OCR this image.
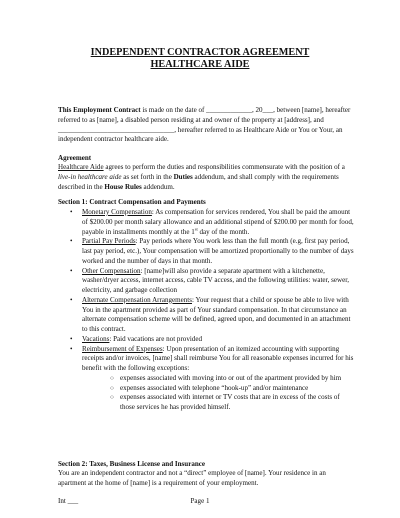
INDEPENDENT CONTRACTOR AGREEMENT
HEALTHCARE AIDE
This Employment Contract is made on the date of _____________, 20___, between [name], hereafter referred to as [name], a disabled person residing at and owner of the property at [address], and _________________________________, hereafter referred to as Healthcare Aide or You or Your, an independent contractor healthcare aide.
Agreement
Healthcare Aide agrees to perform the duties and responsibilities commensurate with the position of a live-in healthcare aide as set forth in the Duties addendum, and shall comply with the requirements described in the House Rules addendum.
Section 1: Contract Compensation and Payments
• Monetary Compensation: As compensation for services rendered, You shall be paid the amount of $200.00 per month salary allowance and an additional stipend of $200.00 per month for food, payable in installments monthly at the 1st day of the month.
• Partial Pay Periods: Pay periods where You work less than the full month (e.g, first pay period, last pay period, etc.), Your compensation will be amortized proportionally to the number of days worked and the number of days in that month.
• Other Compensation: [name]will also provide a separate apartment with a kitchenette, washer/dryer access, internet access, cable TV access, and the following utilities: water, sewer, electricity, and garbage collection
• Alternate Compensation Arrangements: Your request that a child or spouse be able to live with You in the apartment provided as part of Your standard compensation. In that circumstance an alternate compensation scheme will be defined, agreed upon, and documented in an attachment to this contract.
• Vacations: Paid vacations are not provided
• Reimbursement of Expenses: Upon presentation of an itemized accounting with supporting receipts and/or invoices, [name] shall reimburse You for all reasonable expenses incurred for his benefit with the following exceptions:
○ expenses associated with moving into or out of the apartment provided by him
○ expenses associated with telephone “hook-up” and/or maintenance
○ expenses associated with internet or TV costs that are in excess of the costs of those services he has provided himself.
Section 2: Taxes, Business License and Insurance
You are an independent contractor and not a “direct” employee of [name]. Your residence in an apartment at the home of [name] is a requirement of your employment.
Int ___	Page 1
